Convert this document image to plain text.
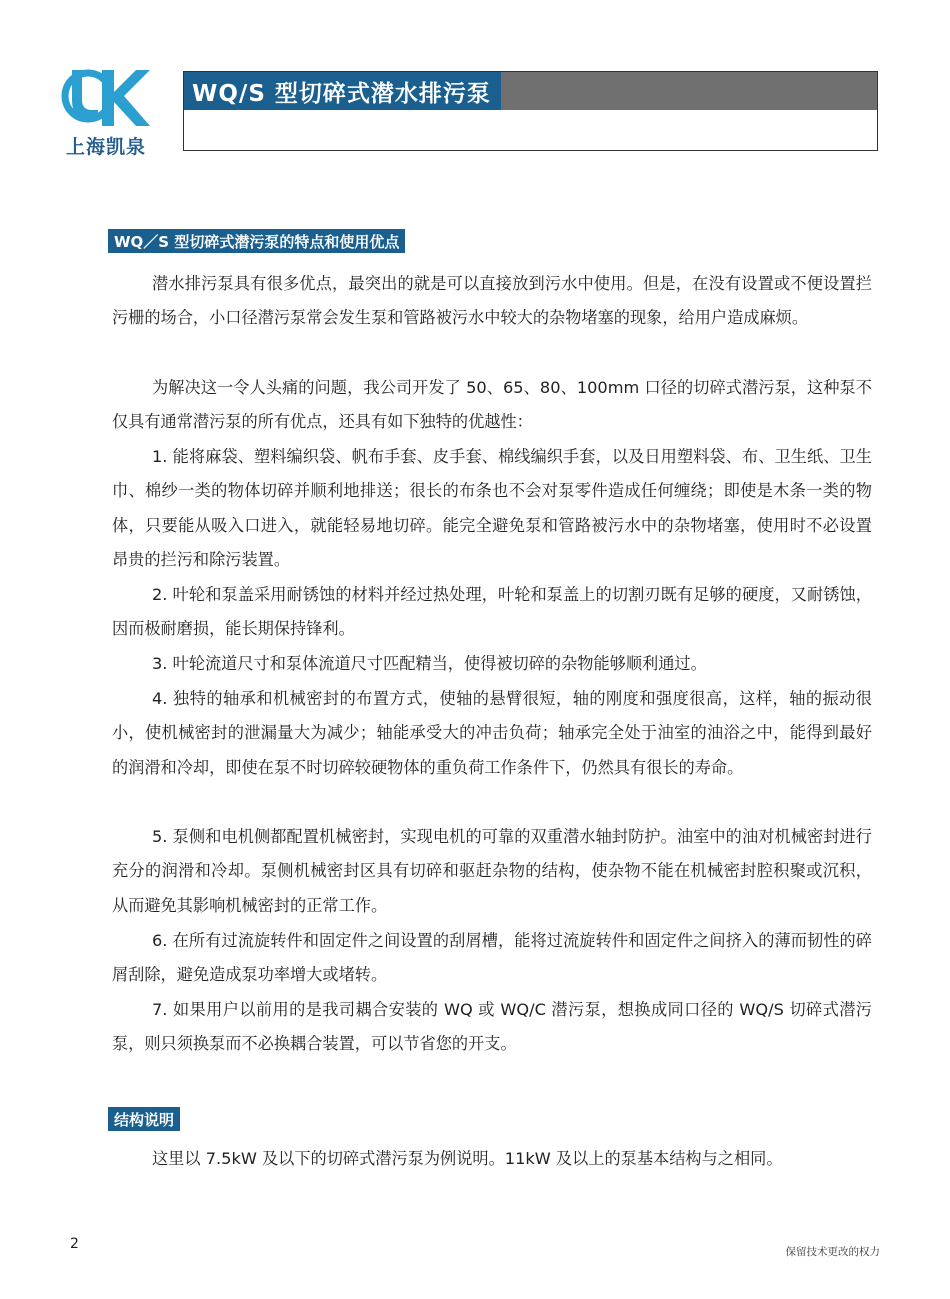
上海凯泉
WQ/S 型切碎式潜水排污泵
WQ／S 型切碎式潜污泵的特点和使用优点

潜水排污泵具有很多优点，最突出的就是可以直接放到污水中使用。但是，在没有设置或不便设置拦污栅的场合，小口径潜污泵常会发生泵和管路被污水中较大的杂物堵塞的现象，给用户造成麻烦。

为解决这一令人头痛的问题，我公司开发了 50、65、80、100mm 口径的切碎式潜污泵，这种泵不仅具有通常潜污泵的所有优点，还具有如下独特的优越性：

1. 能将麻袋、塑料编织袋、帆布手套、皮手套、棉线编织手套，以及日用塑料袋、布、卫生纸、卫生巾、棉纱一类的物体切碎并顺利地排送；很长的布条也不会对泵零件造成任何缠绕；即使是木条一类的物体，只要能从吸入口进入，就能轻易地切碎。能完全避免泵和管路被污水中的杂物堵塞，使用时不必设置昂贵的拦污和除污装置。

2. 叶轮和泵盖采用耐锈蚀的材料并经过热处理，叶轮和泵盖上的切割刃既有足够的硬度，又耐锈蚀，因而极耐磨损，能长期保持锋利。

3. 叶轮流道尺寸和泵体流道尺寸匹配精当，使得被切碎的杂物能够顺利通过。

4. 独特的轴承和机械密封的布置方式，使轴的悬臂很短，轴的刚度和强度很高，这样，轴的振动很小，使机械密封的泄漏量大为减少；轴能承受大的冲击负荷；轴承完全处于油室的油浴之中，能得到最好的润滑和冷却，即使在泵不时切碎较硬物体的重负荷工作条件下，仍然具有很长的寿命。

5. 泵侧和电机侧都配置机械密封，实现电机的可靠的双重潜水轴封防护。油室中的油对机械密封进行充分的润滑和冷却。泵侧机械密封区具有切碎和驱赶杂物的结构，使杂物不能在机械密封腔积聚或沉积，从而避免其影响机械密封的正常工作。

6. 在所有过流旋转件和固定件之间设置的刮屑槽，能将过流旋转件和固定件之间挤入的薄而韧性的碎屑刮除，避免造成泵功率增大或堵转。

7. 如果用户以前用的是我司耦合安装的 WQ 或 WQ/C 潜污泵，想换成同口径的 WQ/S 切碎式潜污泵，则只须换泵而不必换耦合装置，可以节省您的开支。

结构说明

这里以 7.5kW 及以下的切碎式潜污泵为例说明。11kW 及以上的泵基本结构与之相同。

2	保留技术更改的权力
